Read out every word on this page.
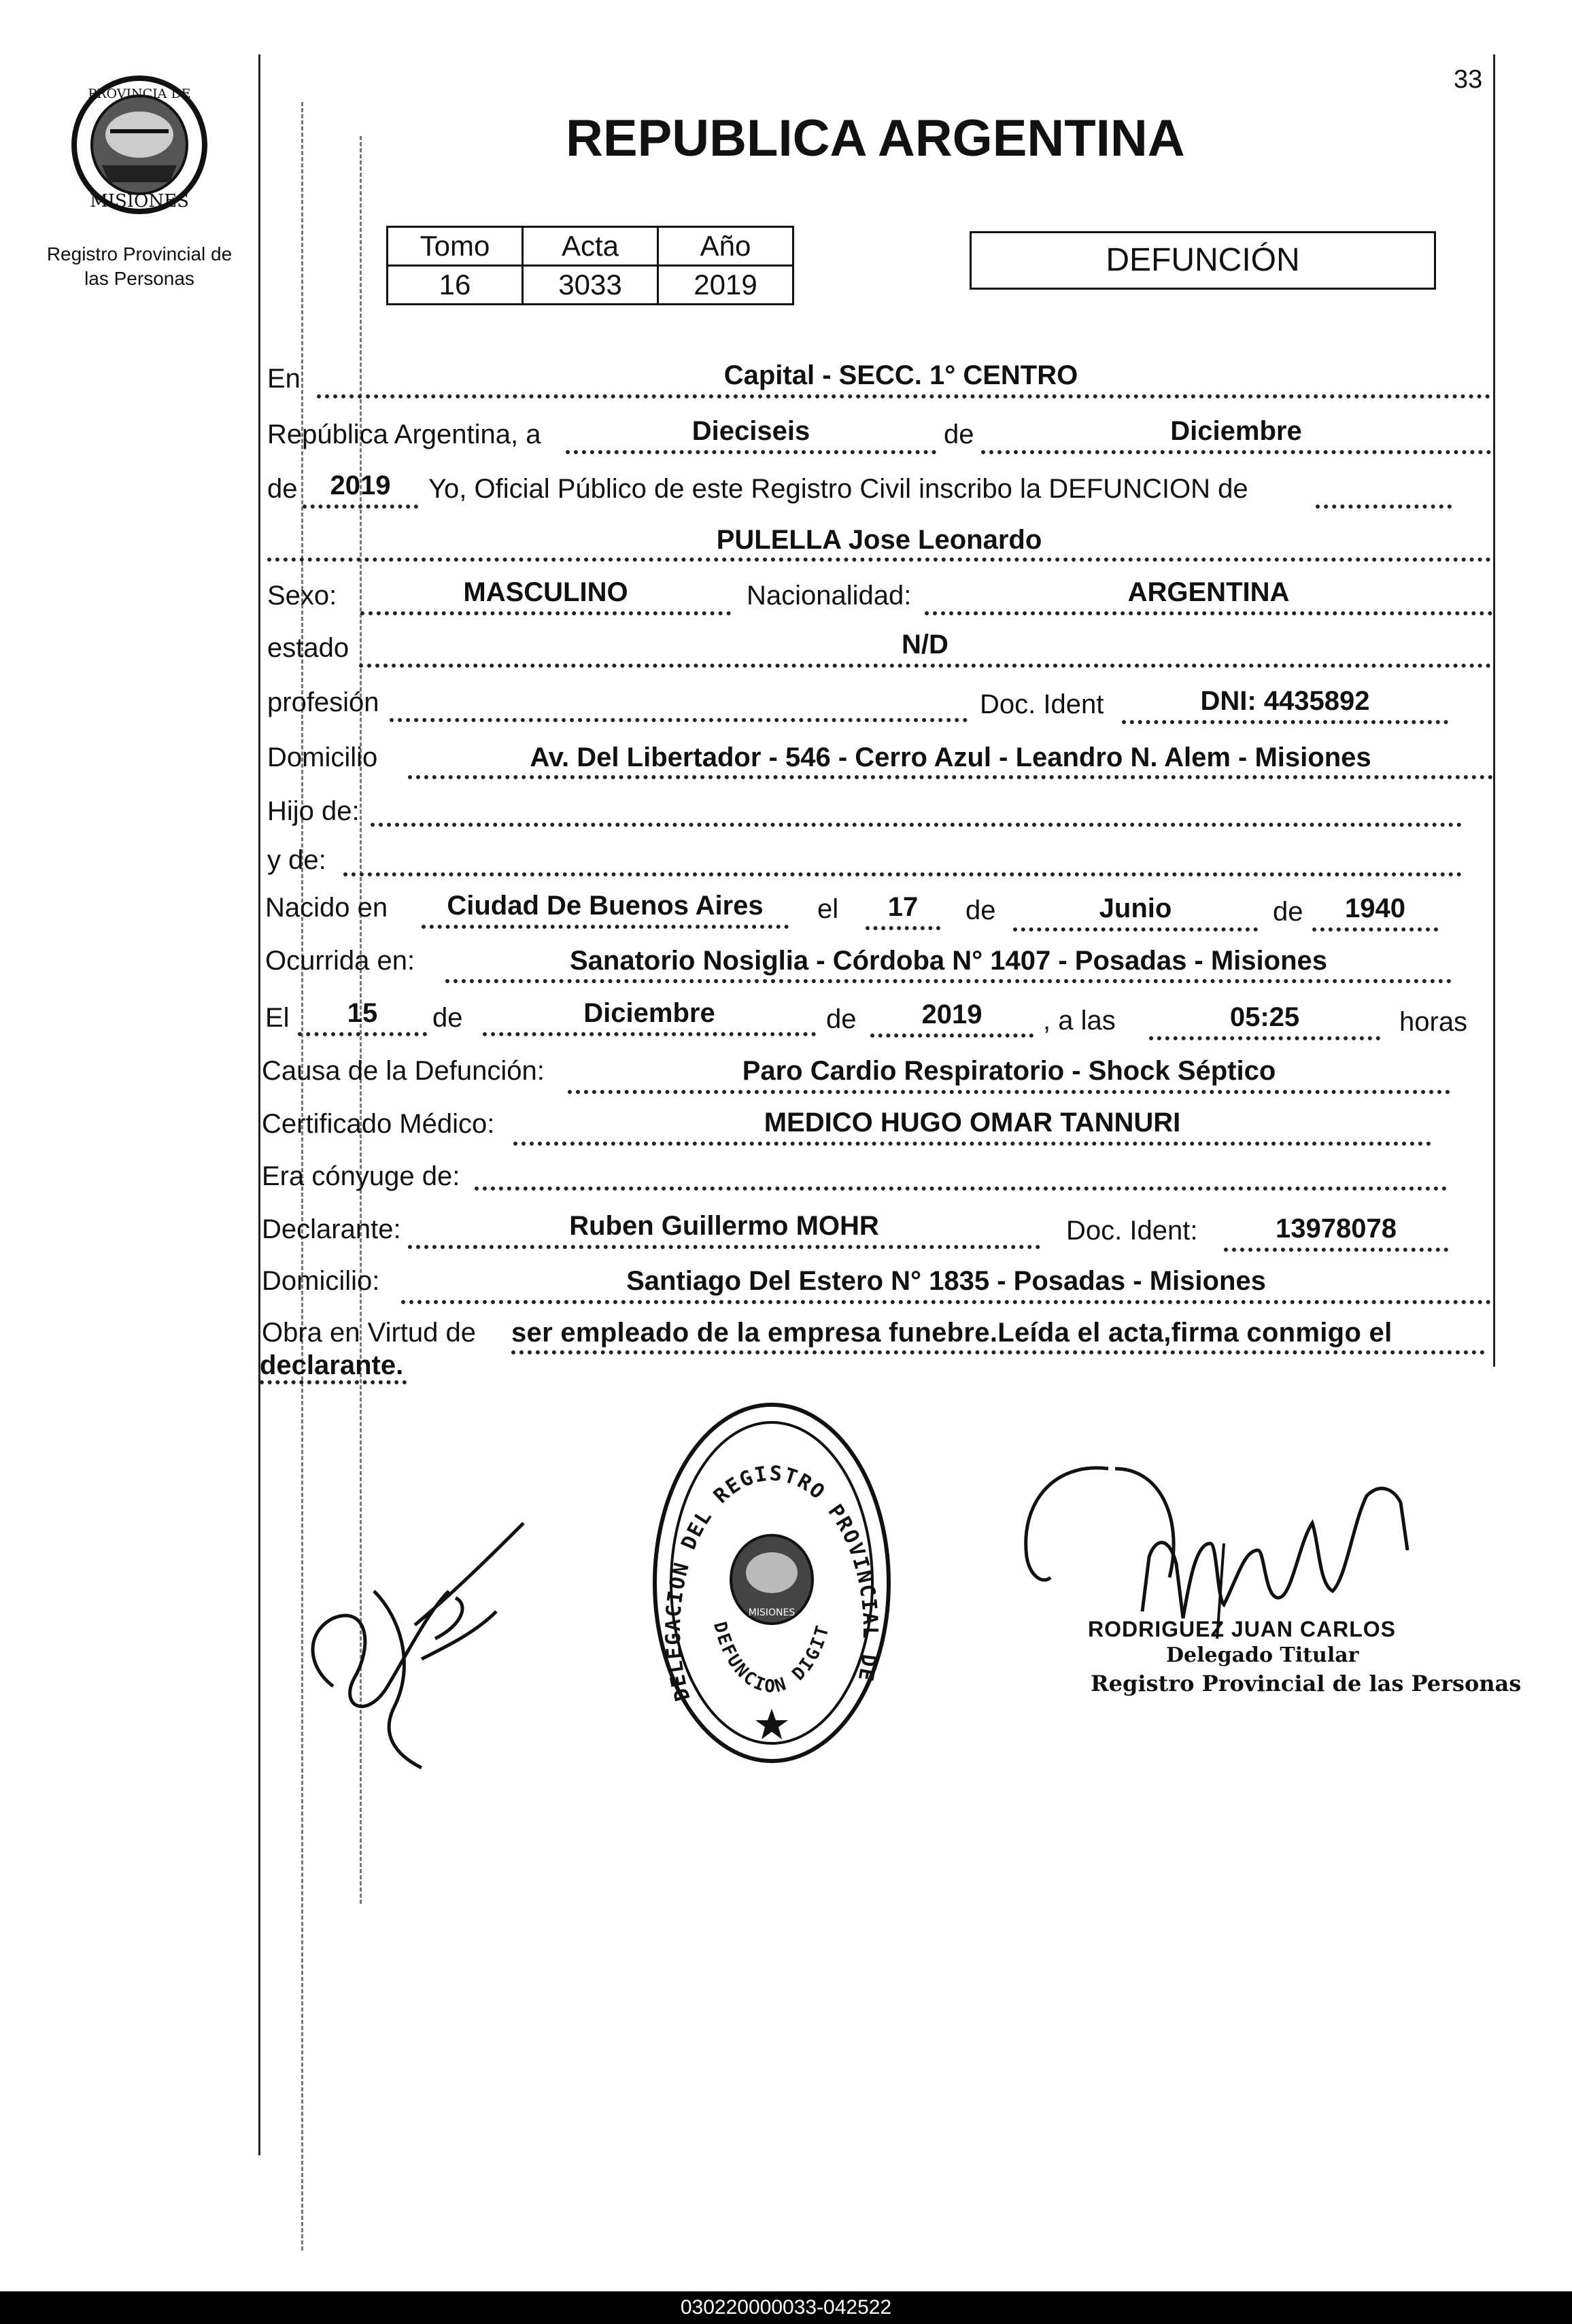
33
PROVINCIA DE
MISIONES
Registro Provincial de
las Personas
REPUBLICA ARGENTINA
Tomo	Acta	Año
16	3033	2019
DEFUNCIÓN
En	Capital - SECC. 1° CENTRO
República Argentina, a	Dieciseis	de	Diciembre
de	2019	Yo, Oficial Público de este Registro Civil inscribo la DEFUNCION de
PULELLA Jose Leonardo
Sexo:	MASCULINO	Nacionalidad:	ARGENTINA
estado	N/D
profesión	Doc. Ident	DNI: 4435892
Domicilio	Av. Del Libertador - 546 - Cerro Azul - Leandro N. Alem - Misiones
Hijo de:
y de:
Nacido en	Ciudad De Buenos Aires	el	17	de	Junio	de	1940
Ocurrida en:	Sanatorio Nosiglia - Córdoba N° 1407 - Posadas - Misiones
El	15	de	Diciembre	de	2019	, a las	05:25	horas
Causa de la Defunción:	Paro Cardio Respiratorio - Shock Séptico
Certificado Médico:	MEDICO HUGO OMAR TANNURI
Era cónyuge de:
Declarante:	Ruben Guillermo MOHR	Doc. Ident:	13978078
Domicilio:	Santiago Del Estero N° 1835 - Posadas - Misiones
Obra en Virtud de ser empleado de la empresa funebre.Leída el acta,firma conmigo el
declarante.
DELEGACION DEL REGISTRO PROVINCIAL DE
DEFUNCION DIGIT
MISIONES
RODRIGUEZ JUAN CARLOS
Delegado Titular
Registro Provincial de las Personas
030220000033-042522
